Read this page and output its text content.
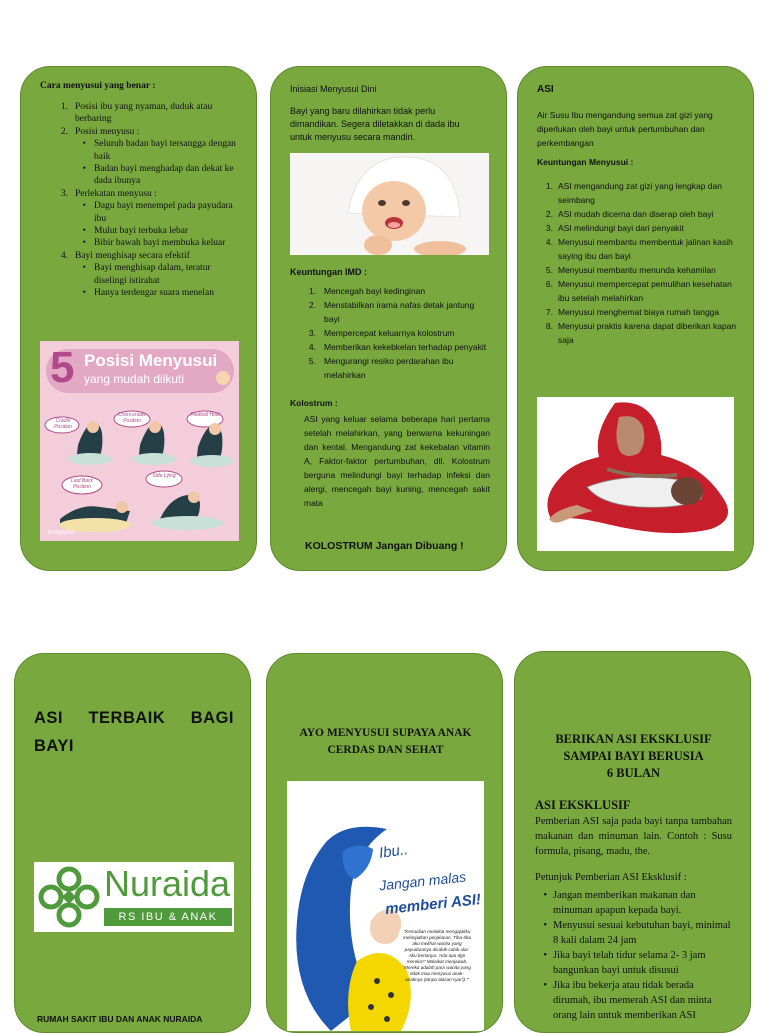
Cara menyusui yang benar :
1. Posisi ibu yang nyaman, duduk atau berbaring
2. Posisi menyusu :
• Seluruh badan bayi tersangga dengan baik
• Badan bayi menghadap dan dekat ke dada ibunya
3. Perlekatan menyusu :
• Dagu bayi menempel pada payudara ibu
• Mulut bayi terbuka lebar
• Bibir bawah bayi membuka keluar
4. Bayi menghisap secara efektif
• Bayi menghisap dalam, teratur diselingi istirahat
• Hanya terdengar suara menelan
5 Posisi Menyusui
yang mudah diikuti
Cradle Position
Cross-cradle Position
Football Hold
Laid Back Position
Side Lying
kumparan
Inisiasi Menyusui Dini
Bayi yang baru dilahirkan tidak perlu dimandikan. Segera diletakkan di dada ibu untuk menyusu secara mandiri.
Keuntungan IMD :
1. Mencegah bayi kedinginan
2. Menstabilkan irama nafas detak jantung bayi
3. Mempercepat keluarnya kolostrum
4. Memberikan kekebkelan terhadap penyakit
5. Mengurangi resiko perdarahan ibu melahirkan
Kolostrum :
ASI yang keluar selama beberapa hari pertama setelah melahirkan, yang berwarna kekuningan dan kental. Mengandung zat kekebalan vitamin A, Faktor-faktor pertumbuhan, dll. Kolostrum berguna melindungi bayi terhadap infeksi dan alergi, mencegah bayi kuning, mencegah sakit mata
KOLOSTRUM Jangan Dibuang !
ASI
Air Susu Ibu mengandung semua zat gizi yang diperlukan oleh bayi untuk pertumbuhan dan perkembangan
Keuntungan Menyusui :
1. ASI mengandung zat gizi yang lengkap dan seimbang
2. ASI mudah dicerna dan diserap oleh bayi
3. ASI melindungi bayi dari penyakit
4. Menyusui membantu membentuk jalinan kasih saying ibu dan bayi
5. Menyusui membantu menunda kehamilan
6. Menyusui mempercepat pemulihan kesehatan ibu setelah melahirkan
7. Menyusui menghemat biaya rumah tangga
8. Menyusui praktis karena dapat diberikan kapan saja
ASI TERBAIK BAGI BAYI
Nuraida
RS IBU & ANAK
RUMAH SAKIT IBU DAN ANAK NURAIDA
AYO MENYUSUI SUPAYA ANAK CERDAS DAN SEHAT
Ibu..
Jangan malas
memberi ASI!
"Kemudian melaikat mengajakku melanjutkan perjalanan, Tiba-tiba aku melihat wanita yang payudaranya dicabik-cabik ular. Aku bertanya, 'Ada apa dgn mereka?' Malaikat menjawab, 'Mereka adalah para wanita yang tidak mau menyusui anak-anaknya (tanpa alasan syar'i).'"
BERIKAN ASI EKSKLUSIF
SAMPAI BAYI BERUSIA
6 BULAN
ASI EKSKLUSIF
Pemberian ASI saja pada bayi tanpa tambahan makanan dan minuman lain. Contoh : Susu formula, pisang, madu, the.
Petunjuk Pemberian ASI Eksklusif :
• Jangan memberikan makanan dan minuman apapun kepada bayi.
• Menyusui sesuai kebutuhan bayi, minimal 8 kali dalam 24 jam
• Jika bayi telah tidur selama 2- 3 jam bangunkan bayi untuk disusui
• Jika ibu bekerja atau tidak berada dirumah, ibu memerah ASI dan minta orang lain untuk memberikan ASI
